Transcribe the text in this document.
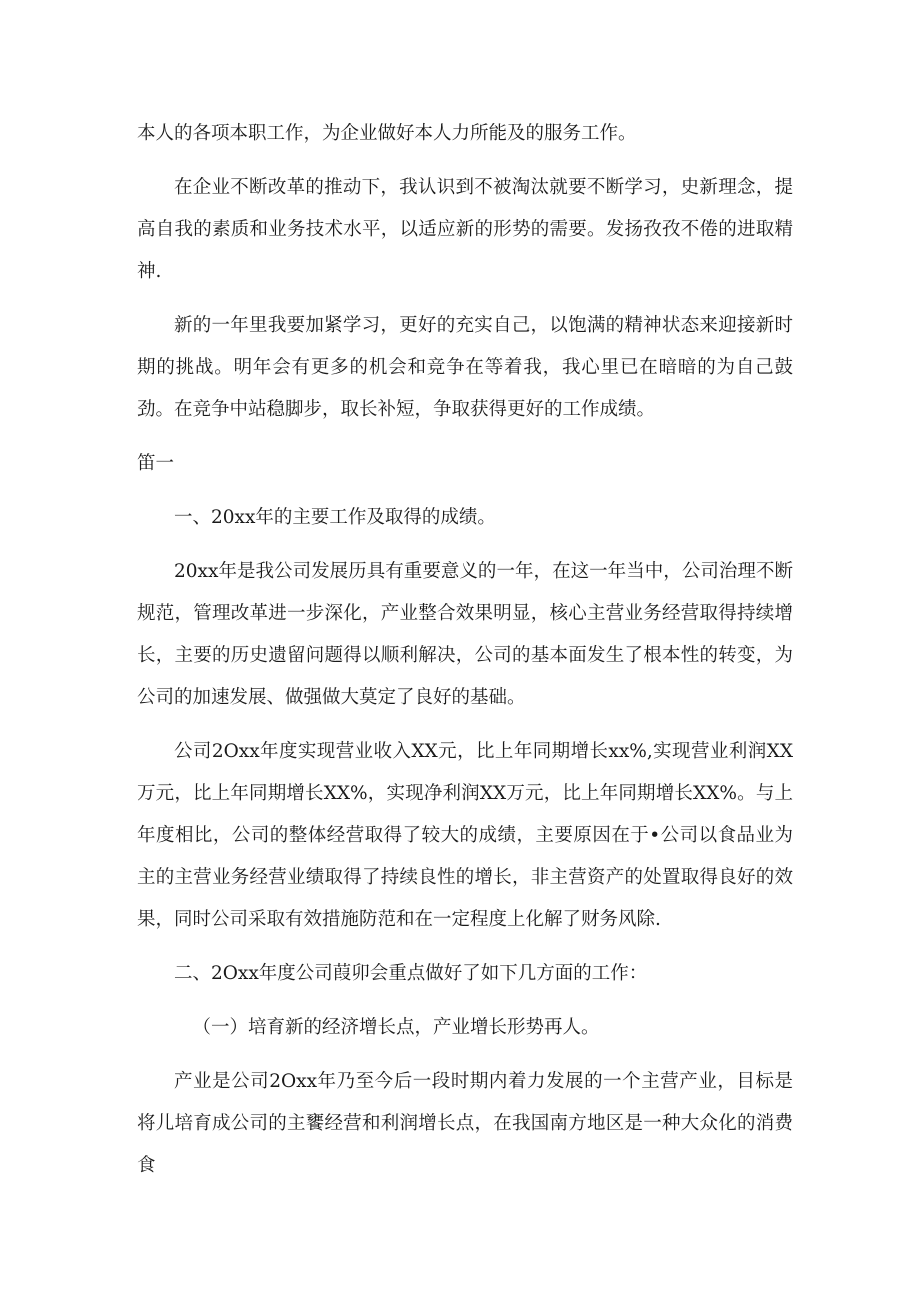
本人的各项本职工作，为企业做好本人力所能及的服务工作。

在企业不断改革的推动下，我认识到不被淘汰就要不断学习，史新理念，提高自我的素质和业务技术水平，以适应新的形势的需要。发扬孜孜不倦的进取精神.

新的一年里我要加紧学习，更好的充实自己，以饱满的精神状态来迎接新时期的挑战。明年会有更多的机会和竞争在等着我，我心里已在暗暗的为自己鼓劲。在竞争中站稳脚步，取长补短，争取获得更好的工作成绩。

笛一

一、20xx年的主要工作及取得的成绩。

20xx年是我公司发展历具有重要意义的一年，在这一年当中，公司治理不断规范，管理改革进一步深化，产业整合效果明显，核心主营业务经营取得持续增长，主要的历史遗留问题得以顺利解决，公司的基本面发生了根本性的转变，为公司的加速发展、做强做大莫定了良好的基础。

公司2Oxx年度实现营业收入XX元，比上年同期增长xx%,实现营业利润XX万元，比上年同期增长XX%，实现净利润XX万元，比上年同期增长XX%。与上年度相比，公司的整体经营取得了较大的成绩，主要原因在于•公司以食品业为主的主营业务经营业绩取得了持续良性的增长，非主营资产的处置取得良好的效果，同时公司采取有效措施防范和在一定程度上化解了财务风除.

二、2Oxx年度公司葭卯会重点做好了如下几方面的工作：

（一）培育新的经济增长点，产业增长形势再人。

产业是公司2Oxx年乃至今后一段时期内着力发展的一个主营产业，目标是将儿培育成公司的主饔经营和利润增长点，在我国南方地区是一种大众化的消费食
